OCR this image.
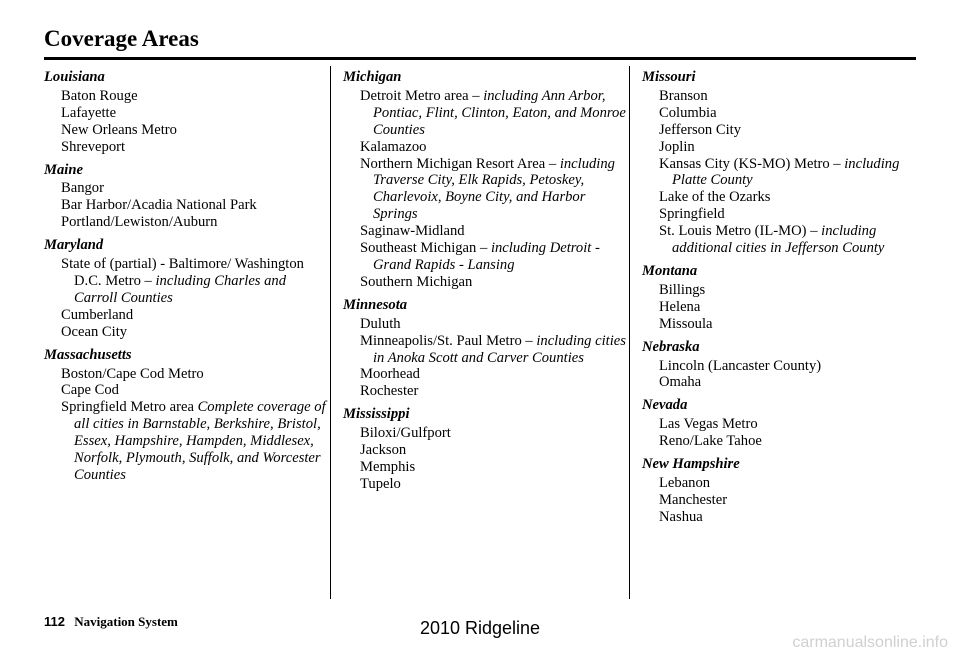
Coverage Areas
Louisiana
Baton Rouge
Lafayette
New Orleans Metro
Shreveport
Maine
Bangor
Bar Harbor/Acadia National Park
Portland/Lewiston/Auburn
Maryland
State of (partial) - Baltimore/ Washington D.C. Metro – including Charles and Carroll Counties
Cumberland
Ocean City
Massachusetts
Boston/Cape Cod Metro
Cape Cod
Springfield Metro area Complete coverage of all cities in Barnstable, Berkshire, Bristol, Essex, Hampshire, Hampden, Middlesex, Norfolk, Plymouth, Suffolk, and Worcester Counties
Michigan
Detroit Metro area – including Ann Arbor, Pontiac, Flint, Clinton, Eaton, and Monroe Counties
Kalamazoo
Northern Michigan Resort Area – including Traverse City, Elk Rapids, Petoskey, Charlevoix, Boyne City, and Harbor Springs
Saginaw-Midland
Southeast Michigan – including Detroit - Grand Rapids - Lansing
Southern Michigan
Minnesota
Duluth
Minneapolis/St. Paul Metro – including cities in Anoka Scott and Carver Counties
Moorhead
Rochester
Mississippi
Biloxi/Gulfport
Jackson
Memphis
Tupelo
Missouri
Branson
Columbia
Jefferson City
Joplin
Kansas City (KS-MO) Metro – including Platte County
Lake of the Ozarks
Springfield
St. Louis Metro (IL-MO) – including additional cities in Jefferson County
Montana
Billings
Helena
Missoula
Nebraska
Lincoln (Lancaster County)
Omaha
Nevada
Las Vegas Metro
Reno/Lake Tahoe
New Hampshire
Lebanon
Manchester
Nashua
112 Navigation System	2010 Ridgeline
carmanualsonline.info
